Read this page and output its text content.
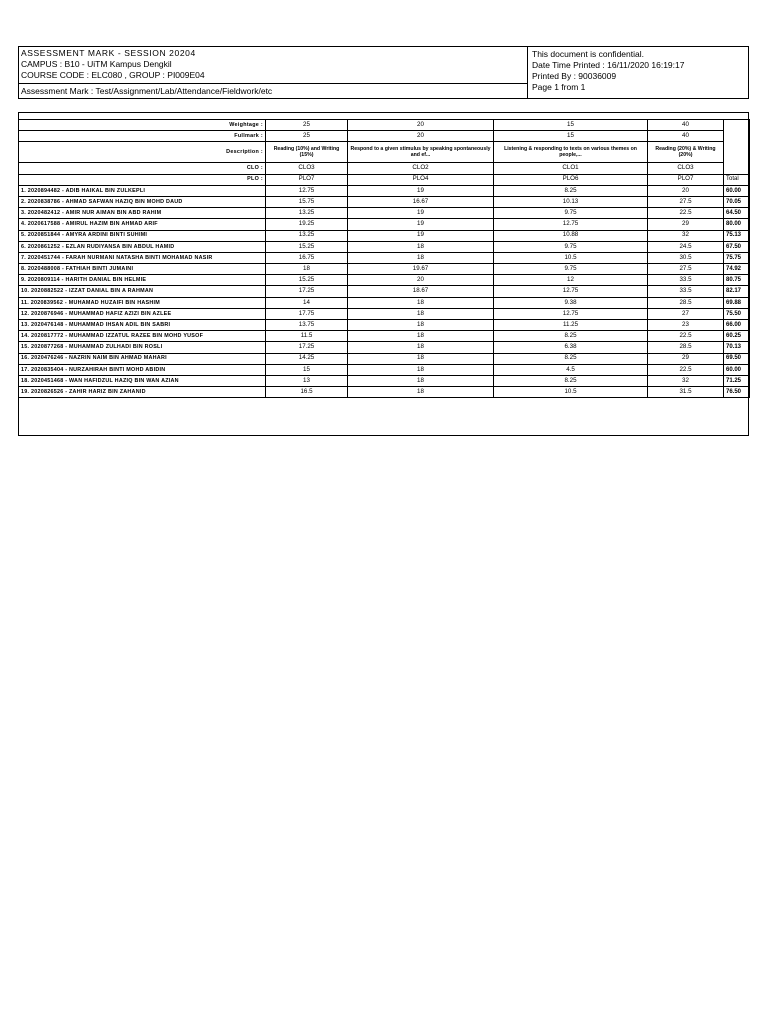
ASSESSMENT MARK - SESSION 20204
CAMPUS : B10 - UiTM Kampus Dengkil
COURSE CODE : ELC080 , GROUP : PI009E04
Assessment Mark : Test/Assignment/Lab/Attendance/Fieldwork/etc
This document is confidential.
Date Time Printed : 16/11/2020 16:19:17
Printed By : 90036009
Page 1 from 1
Weightage :	25	20	15	40	
Fullmark :	25	20	15	40	
Description :	Reading (10%) and Writing (15%)	Respond to a given stimulus by speaking spontaneously and ef...	Listening & responding to texts on various themes on people,...	Reading (20%) & Writing (20%)	
CLO :	CLO3	CLO2	CLO1	CLO3	
PLO :	PLO7	PLO4	PLO6	PLO7	Total
1. 2020894482 - ADIB HAIKAL BIN ZULKEPLI	12.75	19	8.25	20	60.00
2. 2020838786 - AHMAD SAFWAN HAZIQ BIN MOHD DAUD	15.75	16.67	10.13	27.5	70.05
3. 2020482412 - AMIR NUR AIMAN BIN ABD RAHIM	13.25	19	9.75	22.5	64.50
4. 2020617588 - AMIRUL HAZIM BIN AHMAD ARIF	19.25	19	12.75	29	80.00
5. 2020851844 - AMYRA ARDINI BINTI SUHIMI	13.25	19	10.88	32	75.13
6. 2020861252 - EZLAN RUDIYANSA BIN ABDUL HAMID	15.25	18	9.75	24.5	67.50
7. 2020451744 - FARAH NURMANI NATASHA BINTI MOHAMAD NASIR	16.75	18	10.5	30.5	75.75
8. 2020488008 - FATHIAH BINTI JUMAINI	18	19.67	9.75	27.5	74.92
9. 2020809114 - HARITH DANIAL BIN HELMIE	15.25	20	12	33.5	80.75
10. 2020882522 - IZZAT DANIAL BIN A RAHMAN	17.25	18.67	12.75	33.5	82.17
11. 2020839562 - MUHAMAD HUZAIFI BIN HASHIM	14	18	9.38	28.5	69.88
12. 2020876946 - MUHAMMAD HAFIZ AZIZI BIN AZLEE	17.75	18	12.75	27	75.50
13. 2020476148 - MUHAMMAD IHSAN ADIL BIN SABRI	13.75	18	11.25	23	66.00
14. 2020817772 - MUHAMMAD IZZATUL RAZEE BIN MOHD YUSOF	11.5	18	8.25	22.5	60.25
15. 2020877268 - MUHAMMAD ZULHADI BIN ROSLI	17.25	18	6.38	28.5	70.13
16. 2020476246 - NAZRIN NAIM BIN AHMAD MAHARI	14.25	18	8.25	29	69.50
17. 2020835404 - NURZAHIRAH BINTI MOHD ABIDIN	15	18	4.5	22.5	60.00
18. 2020451468 - WAN HAFIDZUL HAZIQ BIN WAN AZIAN	13	18	8.25	32	71.25
19. 2020826526 - ZAHIR HARIZ BIN ZAHANID	16.5	18	10.5	31.5	76.50
